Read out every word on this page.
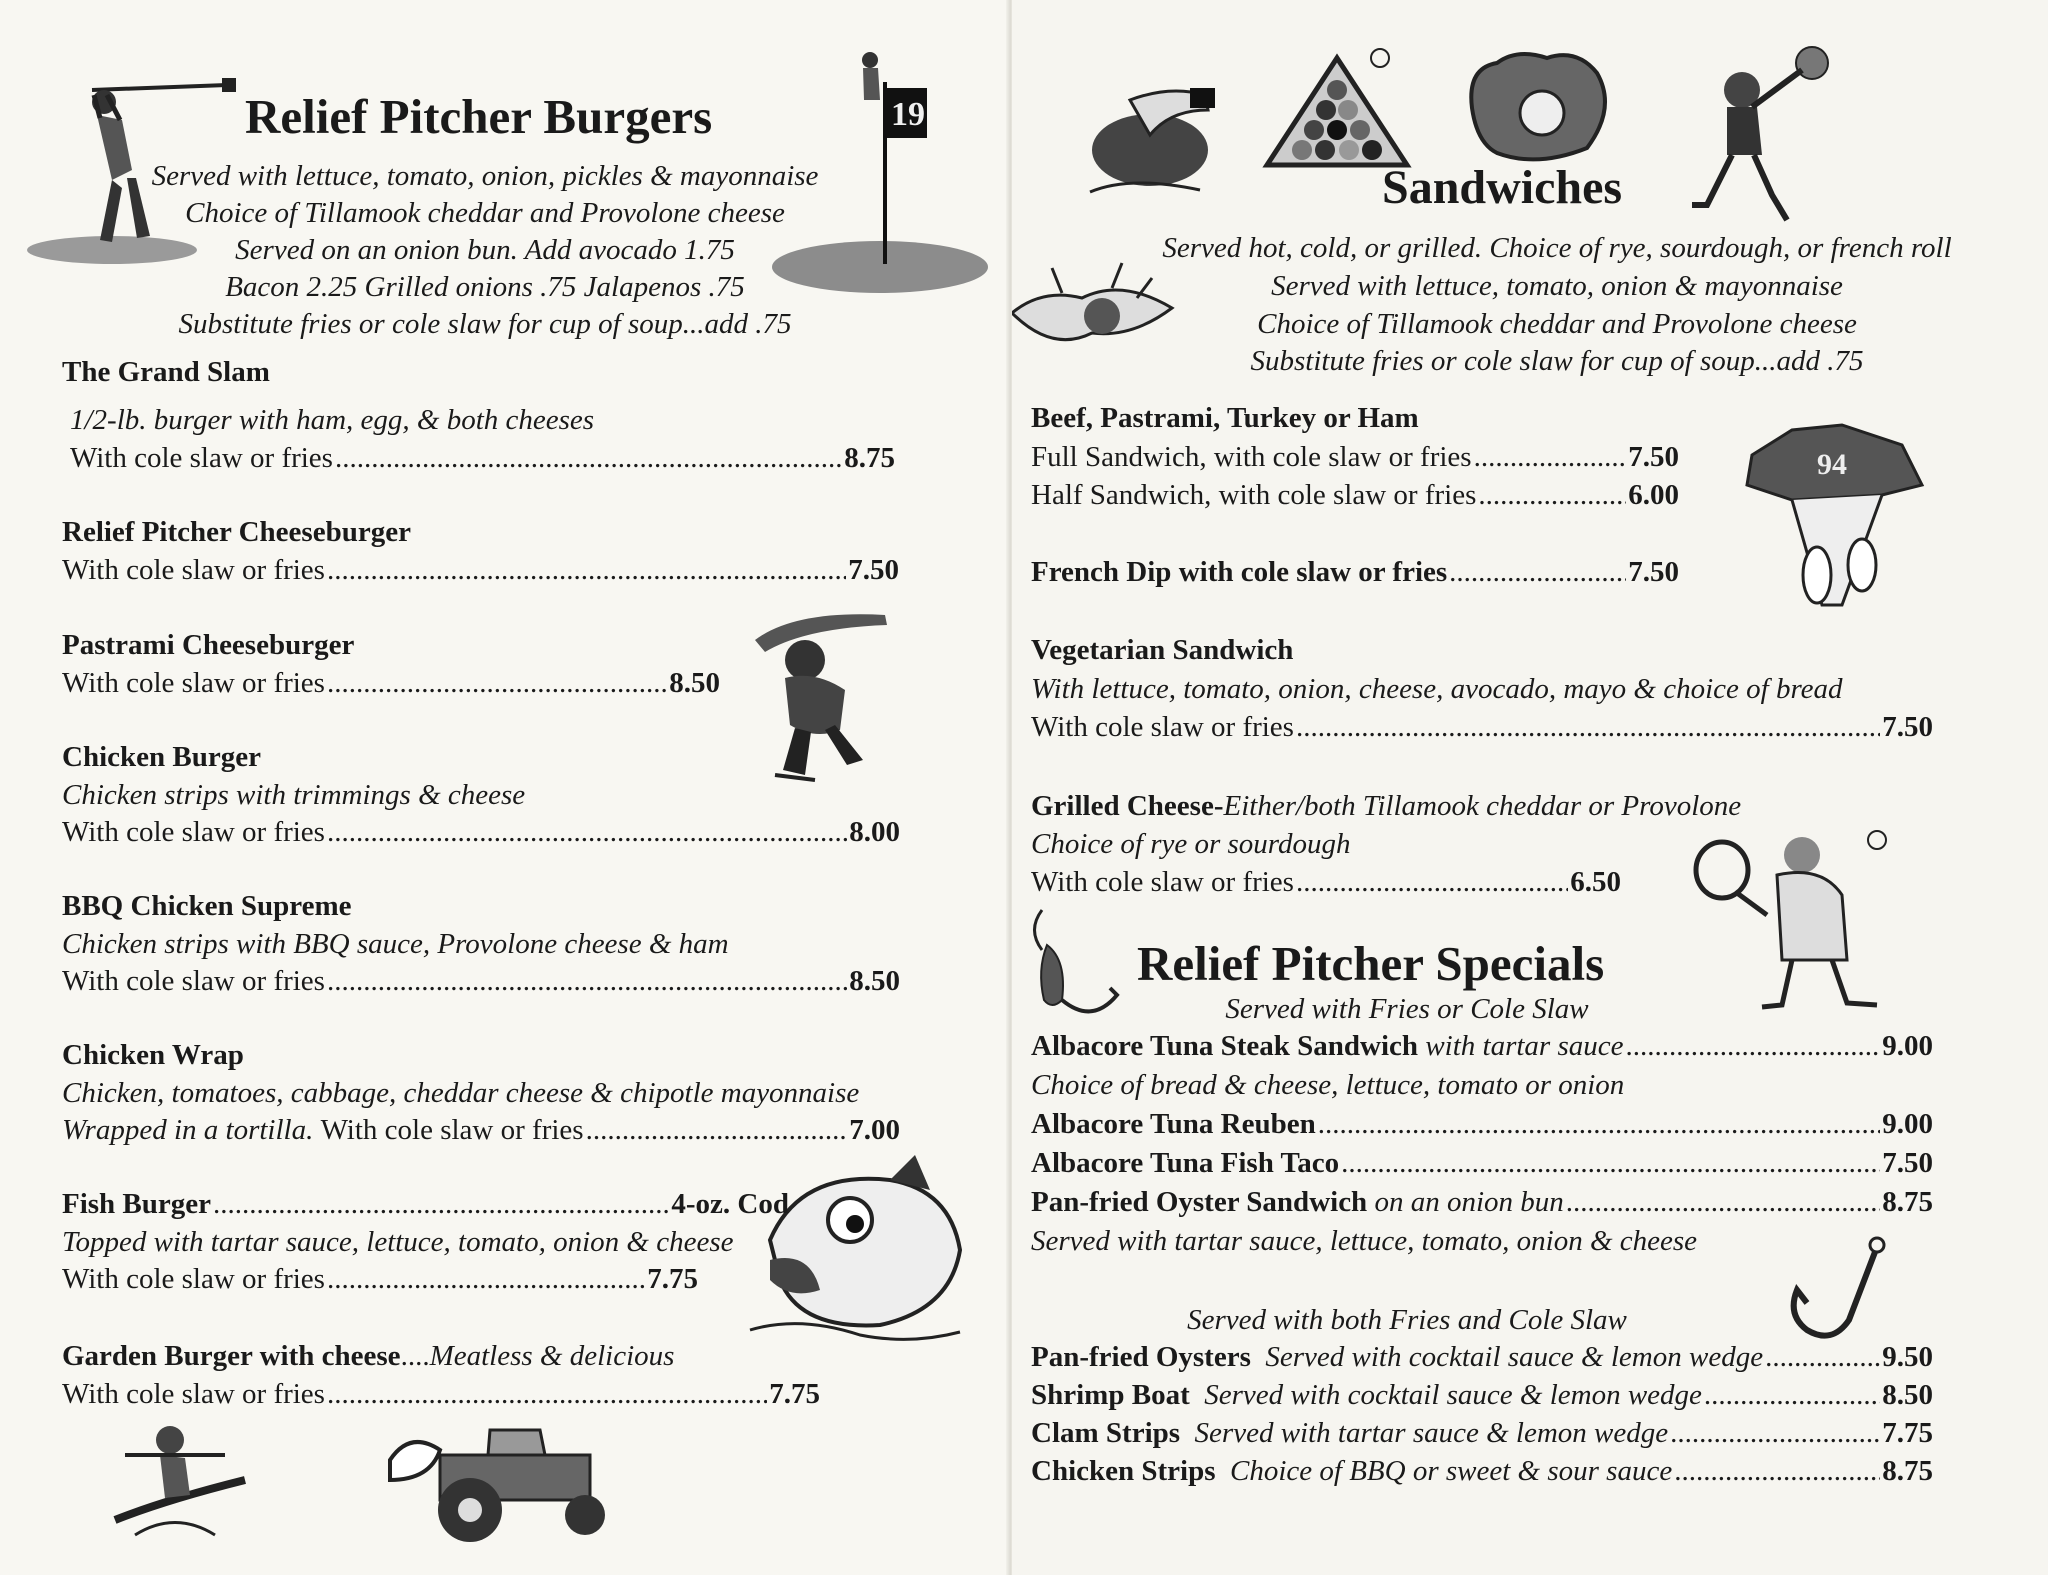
Relief Pitcher Burgers	19
Served with lettuce, tomato, onion, pickles & mayonnaise
Choice of Tillamook cheddar and Provolone cheese
Served on an onion bun. Add avocado 1.75
Bacon 2.25 Grilled onions .75 Jalapenos .75
Substitute fries or cole slaw for cup of soup...add .75
The Grand Slam
1/2-lb. burger with ham, egg, & both cheeses
With cole slaw or fries .....	8.75
Relief Pitcher Cheeseburger
With cole slaw or fries .....	7.50
Pastrami Cheeseburger
With cole slaw or fries .....	8.50
Chicken Burger
Chicken strips with trimmings & cheese
With cole slaw or fries .....	8.00
BBQ Chicken Supreme
Chicken strips with BBQ sauce, Provolone cheese & ham
With cole slaw or fries .....	8.50
Chicken Wrap
Chicken, tomatoes, cabbage, cheddar cheese & chipotle mayonnaise
Wrapped in a tortilla.
With cole slaw or fries .....	7.00
Fish Burger .....	4-oz. Cod
Topped with tartar sauce, lettuce, tomato, onion & cheese
With cole slaw or fries .....	7.75
Garden Burger with cheese .... Meatless & delicious
With cole slaw or fries .....	7.75
Sandwiches
Served hot, cold, or grilled. Choice of rye, sourdough, or french roll
Served with lettuce, tomato, onion & mayonnaise
Choice of Tillamook cheddar and Provolone cheese
Substitute fries or cole slaw for cup of soup...add .75
Beef, Pastrami, Turkey or Ham
Full Sandwich, with cole slaw or fries .....	7.50
Half Sandwich, with cole slaw or fries .....	6.00
94
French Dip with cole slaw or fries .....	7.50
Vegetarian Sandwich
With lettuce, tomato, onion, cheese, avocado, mayo & choice of bread
With cole slaw or fries .....	7.50
Grilled Cheese - Either/both Tillamook cheddar or Provolone
Choice of rye or sourdough
With cole slaw or fries .....	6.50
Relief Pitcher Specials
Served with Fries or Cole Slaw
Albacore Tuna Steak Sandwich
with tartar sauce .....	9.00
Choice of bread & cheese, lettuce, tomato or onion
Albacore Tuna Reuben .....	9.00
Albacore Tuna Fish Taco .....	7.50
Pan-fried Oyster Sandwich
on an onion bun .....	8.75
Served with tartar sauce, lettuce, tomato, onion & cheese
Served with both Fries and Cole Slaw
Pan-fried Oysters
Served with cocktail sauce & lemon wedge .....	9.50
Shrimp Boat
Served with cocktail sauce & lemon wedge .....	8.50
Clam Strips
Served with tartar sauce & lemon wedge .....	7.75
Chicken Strips
Choice of BBQ or sweet & sour sauce .....	8.75
